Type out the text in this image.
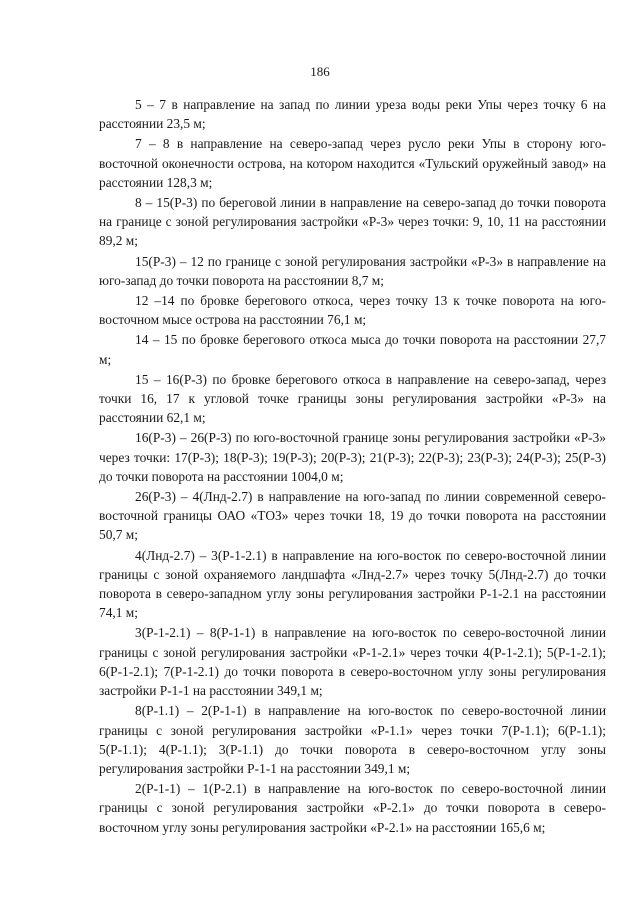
186

5 – 7 в направление на запад по линии уреза воды реки Упы через точку 6 на расстоянии 23,5 м;

7 – 8 в направление на северо-запад через русло реки Упы в сторону юго-восточной оконечности острова, на котором находится «Тульский оружейный завод» на расстоянии 128,3 м;

8 – 15(Р-3) по береговой линии в направление на северо-запад до точки поворота на границе с зоной регулирования застройки «Р-3» через точки: 9, 10, 11 на расстоянии 89,2 м;

15(Р-3) – 12 по границе с зоной регулирования застройки «Р-3» в направление на юго-запад до точки поворота на расстоянии 8,7 м;

12 –14 по бровке берегового откоса, через точку 13 к точке поворота на юго-восточном мысе острова на расстоянии 76,1 м;

14 – 15 по бровке берегового откоса мыса до точки поворота на расстоянии 27,7 м;

15 – 16(Р-3) по бровке берегового откоса в направление на северо-запад, через точки 16, 17 к угловой точке границы зоны регулирования застройки «Р-3» на расстоянии 62,1 м;

16(Р-3) – 26(Р-3) по юго-восточной границе зоны регулирования застройки «Р-3» через точки: 17(Р-3); 18(Р-3); 19(Р-3); 20(Р-3); 21(Р-3); 22(Р-3); 23(Р-3); 24(Р-3); 25(Р-3) до точки поворота на расстоянии 1004,0 м;

26(Р-3) – 4(Лнд-2.7) в направление на юго-запад по линии современной северо-восточной границы ОАО «ТОЗ» через точки 18, 19 до точки поворота на расстоянии 50,7 м;

4(Лнд-2.7) – 3(Р-1-2.1) в направление на юго-восток по северо-восточной линии границы с зоной охраняемого ландшафта «Лнд-2.7» через точку 5(Лнд-2.7) до точки поворота в северо-западном углу зоны регулирования застройки Р-1-2.1 на расстоянии 74,1 м;

3(Р-1-2.1) – 8(Р-1-1) в направление на юго-восток по северо-восточной линии границы с зоной регулирования застройки «Р-1-2.1» через точки 4(Р-1-2.1); 5(Р-1-2.1); 6(Р-1-2.1); 7(Р-1-2.1) до точки поворота в северо-восточном углу зоны регулирования застройки Р-1-1 на расстоянии 349,1 м;

8(Р-1.1) – 2(Р-1-1) в направление на юго-восток по северо-восточной линии границы с зоной регулирования застройки «Р-1.1» через точки 7(Р-1.1); 6(Р-1.1); 5(Р-1.1); 4(Р-1.1); 3(Р-1.1) до точки поворота в северо-восточном углу зоны регулирования застройки Р-1-1 на расстоянии 349,1 м;

2(Р-1-1) – 1(Р-2.1) в направление на юго-восток по северо-восточной линии границы с зоной регулирования застройки «Р-2.1» до точки поворота в северо-восточном углу зоны регулирования застройки «Р-2.1» на расстоянии 165,6 м;
